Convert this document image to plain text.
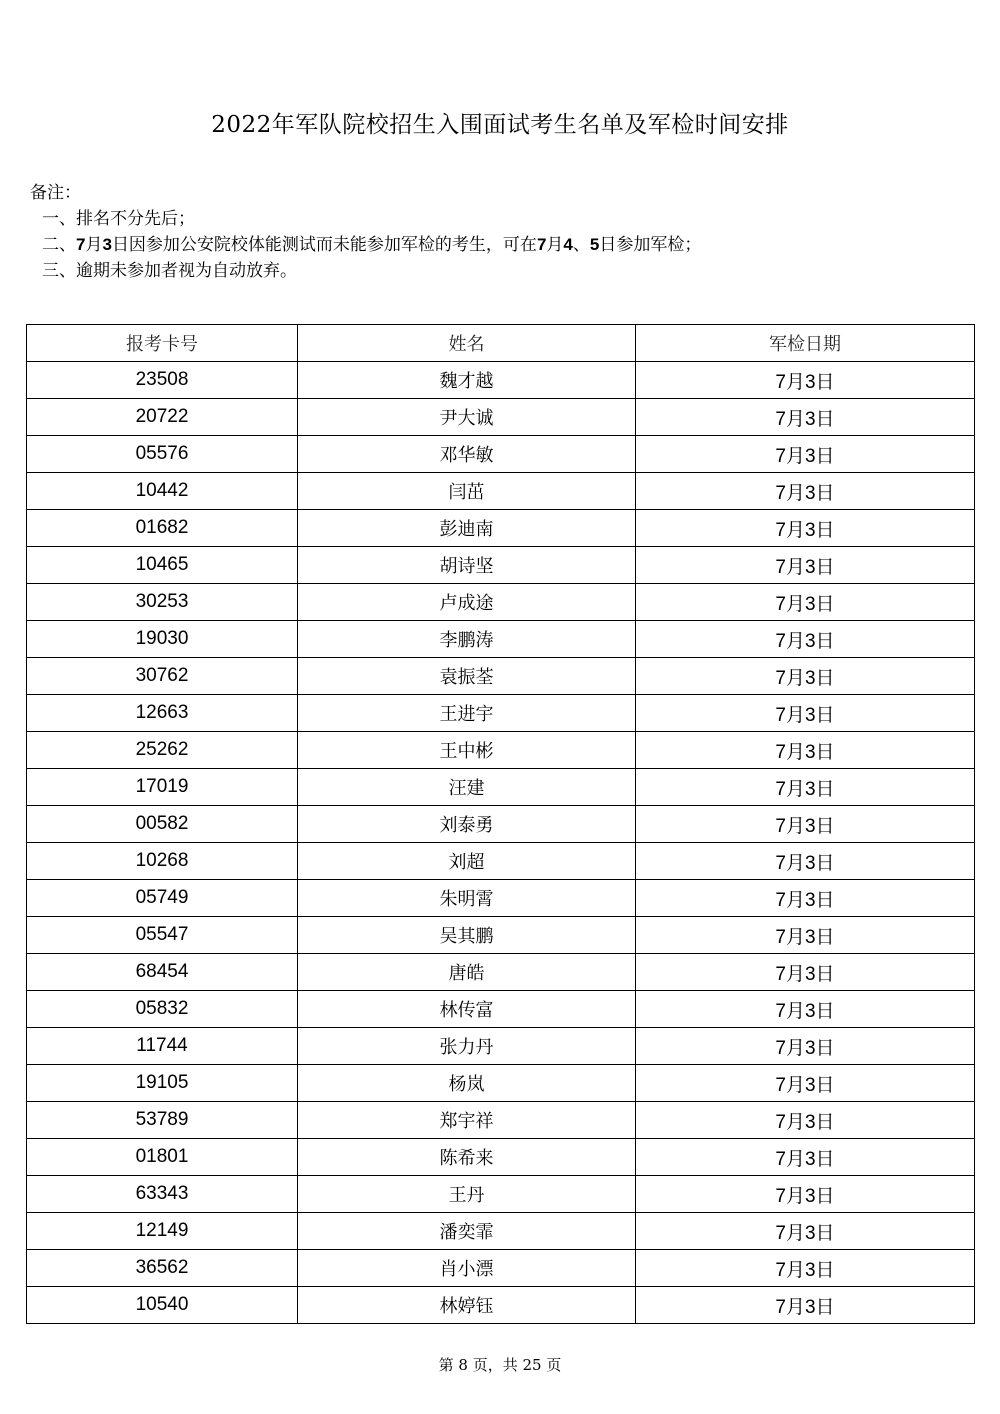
2022年军队院校招生入围面试考生名单及军检时间安排
备注：
一、排名不分先后；
二、7月3日因参加公安院校体能测试而未能参加军检的考生，可在7月4、5日参加军检；
三、逾期未参加者视为自动放弃。
报考卡号	姓名	军检日期
23508	魏才越	7月3日
20722	尹大诚	7月3日
05576	邓华敏	7月3日
10442	闫茁	7月3日
01682	彭迪南	7月3日
10465	胡诗坚	7月3日
30253	卢成途	7月3日
19030	李鹏涛	7月3日
30762	袁振荃	7月3日
12663	王进宇	7月3日
25262	王中彬	7月3日
17019	汪建	7月3日
00582	刘泰勇	7月3日
10268	刘超	7月3日
05749	朱明霄	7月3日
05547	吴其鹏	7月3日
68454	唐皓	7月3日
05832	林传富	7月3日
11744	张力丹	7月3日
19105	杨岚	7月3日
53789	郑宇祥	7月3日
01801	陈希来	7月3日
63343	王丹	7月3日
12149	潘奕霏	7月3日
36562	肖小漂	7月3日
10540	林婷钰	7月3日
第 8 页，共 25 页
